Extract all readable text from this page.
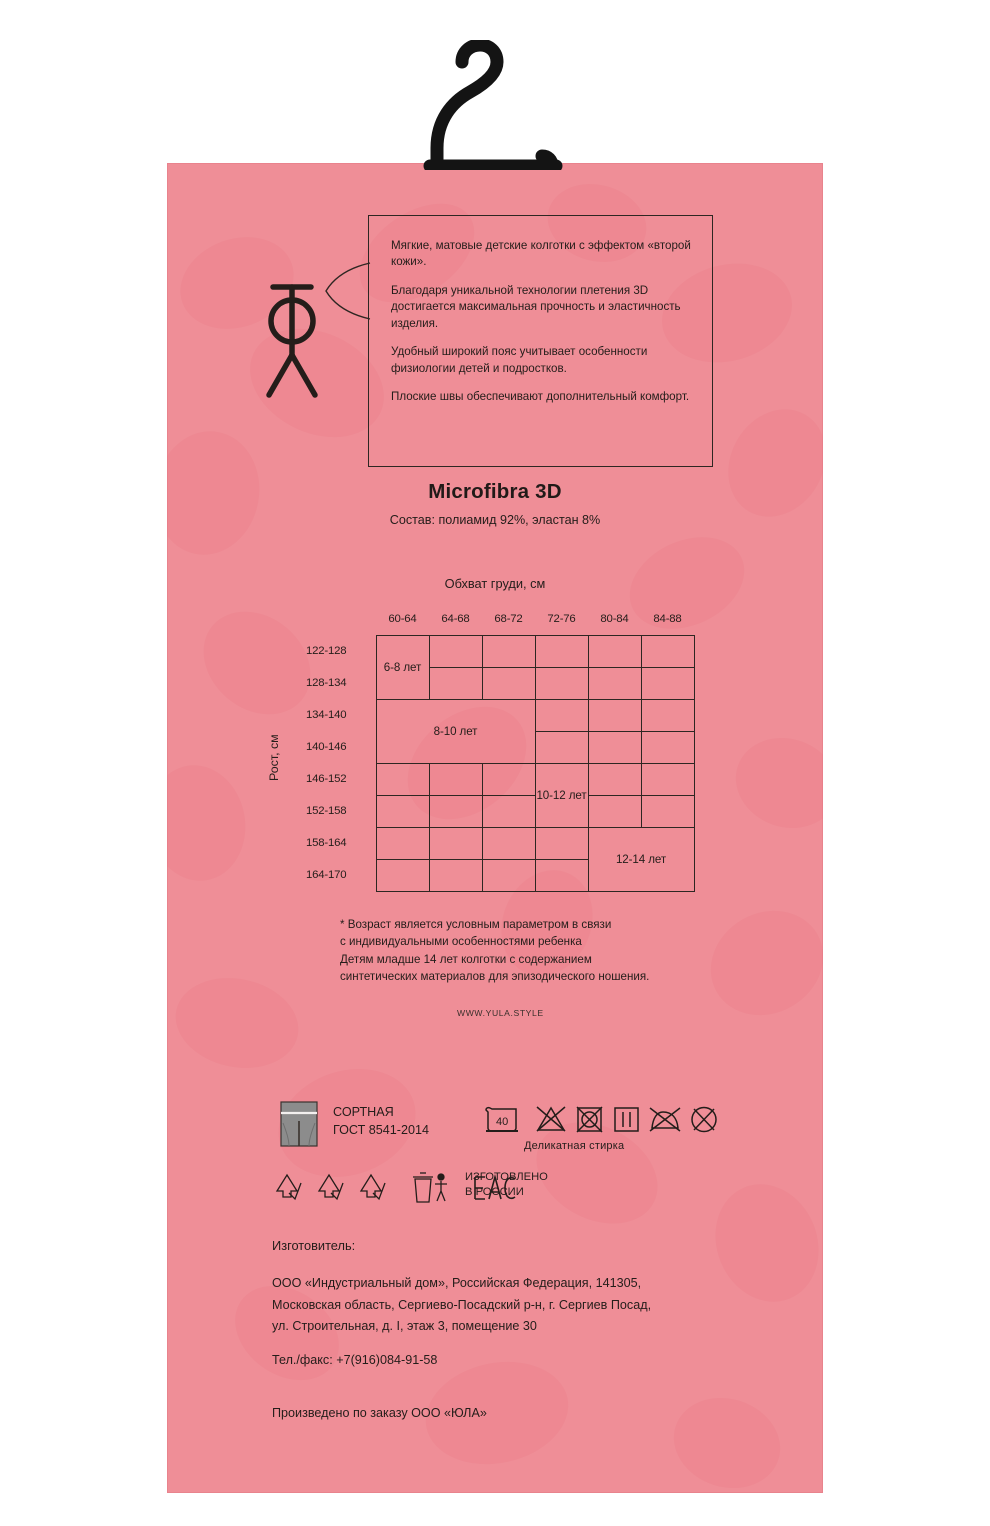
Мягкие, матовые детские колготки с эффектом «второй кожи».

Благодаря уникальной технологии плетения 3D достигается максимальная прочность и эластичность изделия.

Удобный широкий пояс учитывает особенности физиологии детей и подростков.

Плоские швы обеспечивают дополнительный комфорт.

Microfibra 3D
Состав: полиамид 92%, эластан 8%
Обхват груди, см
Рост, см
	60-64	64-68	68-72	72-76	80-84	84-88
122-128	6-8 лет					
128-134						
134-140	8-10 лет					
140-146						
146-152				10-12 лет		
152-158						
158-164					12-14 лет	
164-170						
* Возраст является условным параметром в связи
с индивидуальными особенностями ребенка
Детям младше 14 лет колготки с содержанием
синтетических материалов для эпизодического ношения.
WWW.YULA.STYLE
СОРТНАЯ
ГОСТ 8541-2014
40
Деликатная стирка
ИЗГОТОВЛЕНО
В РОССИИ
Изготовитель:
ООО «Индустриальный дом», Российская Федерация, 141305,
Московская область, Сергиево-Посадский р-н, г. Сергиев Посад,
ул. Строительная, д. I, этаж 3, помещение 30
Тел./факс: +7(916)084-91-58
Произведено по заказу ООО «ЮЛА»
